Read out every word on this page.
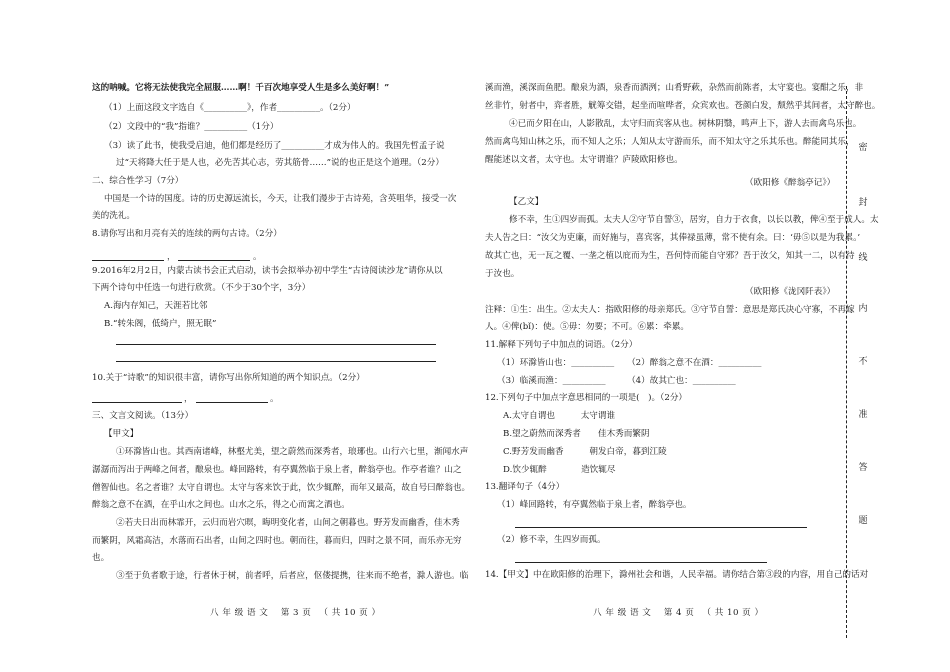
这的呐喊。它将无法使我完全屈服……啊！千百次地享受人生是多么美好啊！”
（1）上面这段文字选自《__________》，作者__________。（2分）
（2）文段中的“我”指谁？__________（1分）
（3）读了此书，使我受启迪，他们都是经历了__________才成为伟人的。我国先哲孟子说
过“天将降大任于是人也，必先苦其心志，劳其筋骨……”说的也正是这个道理。（2分）
二、综合性学习（7分）
中国是一个诗的国度。诗的历史源远流长，今天，让我们漫步于古诗苑，含英咀华，接受一次
美的洗礼。
8.请你写出和月亮有关的连续的两句古诗。（2分）
，	。
9.2016年2月2日，内蒙古读书会正式启动，读书会拟举办初中学生“古诗阅读沙龙”请你从以
下两个诗句中任选一句进行欣赏。（不少于30个字，3分）
A.海内存知己，天涯若比邻
B.“转朱阁，低绮户，照无眠”
10.关于“诗歌”的知识很丰富，请你写出你所知道的两个知识点。（2分）
，	。
三、文言文阅读。（13分）
【甲文】
①环滁皆山也。其西南诸峰，林壑尤美，望之蔚然而深秀者，琅琊也。山行六七里，渐闻水声
潺潺而泻出于两峰之间者，酿泉也。峰回路转，有亭翼然临于泉上者，醉翁亭也。作亭者谁？山之
僧智仙也。名之者谁？太守自谓也。太守与客来饮于此，饮少辄醉，而年又最高，故自号曰醉翁也。
醉翁之意不在酒，在乎山水之间也。山水之乐，得之心而寓之酒也。
②若夫日出而林霏开，云归而岩穴暝，晦明变化者，山间之朝暮也。野芳发而幽香，佳木秀
而繁阴，风霜高洁，水落而石出者，山间之四时也。朝而往，暮而归，四时之景不同，而乐亦无穷
也。
③至于负者歌于途，行者休于树，前者呼，后者应，伛偻提携，往来而不绝者，滁人游也。临
八 年 级 语 文　 第 3 页 　（ 共 10 页 ）
溪而渔，溪深而鱼肥。酿泉为酒，泉香而酒洌；山肴野蔌，杂然而前陈者，太守宴也。宴酣之乐，非
丝非竹，射者中，弈者胜，觥筹交错，起坐而喧哗者，众宾欢也。苍颜白发，颓然乎其间者，太守醉也。
④已而夕阳在山，人影散乱，太守归而宾客从也。树林阴翳，鸣声上下，游人去而禽鸟乐也。
然而禽鸟知山林之乐，而不知人之乐；人知从太守游而乐，而不知太守之乐其乐也。醉能同其乐，
醒能述以文者，太守也。太守谓谁？庐陵欧阳修也。
（欧阳修《醉翁亭记》）
【乙文】
修不幸，生①四岁而孤。太夫人②守节自誓③，居穷，自力于衣食，以长以教，俾④至于成人。太
夫人告之曰：“汝父为吏廉，而好施与，喜宾客，其俸禄虽薄，常不使有余。曰：‘毋⑤以是为我累。’
故其亡也，无一瓦之覆、一垄之植以庇而为生，吾何恃而能自守邪？吾于汝父，知其一二，以有待
于汝也。
（欧阳修《泷冈阡表》）
注释：①生：出生。②太夫人：指欧阳修的母亲郑氏。③守节自誓：意思是郑氏决心守寡，不再嫁
人。④俾(bǐ)：使。⑤毋：勿要；不可。⑥累：牵累。
11.解释下列句子中加点的词语。（2分）
（1）环滁皆山也：__________　　（2）醉翁之意不在酒：__________
（3）临溪而渔：__________　　　（4）故其亡也：__________
12.下列句子中加点字意思相同的一项是(　)。（2分）
A.太守自谓也　　　太守谓谁
B.望之蔚然而深秀者　　佳木秀而繁阴
C.野芳发而幽香　　　朝发白帝，暮到江陵
D.饮少辄醉　　　　造饮辄尽
13.翻译句子（4分）
（1）峰回路转，有亭翼然临于泉上者，醉翁亭也。
（2）修不幸，生四岁而孤。
14.【甲文】中在欧阳修的治理下，滁州社会和谐，人民幸福。请你结合第③段的内容，用自己的话对
八 年 级 语 文　 第 4 页 　（ 共 10 页 ）
密
封
线
内
不
准
答
题
